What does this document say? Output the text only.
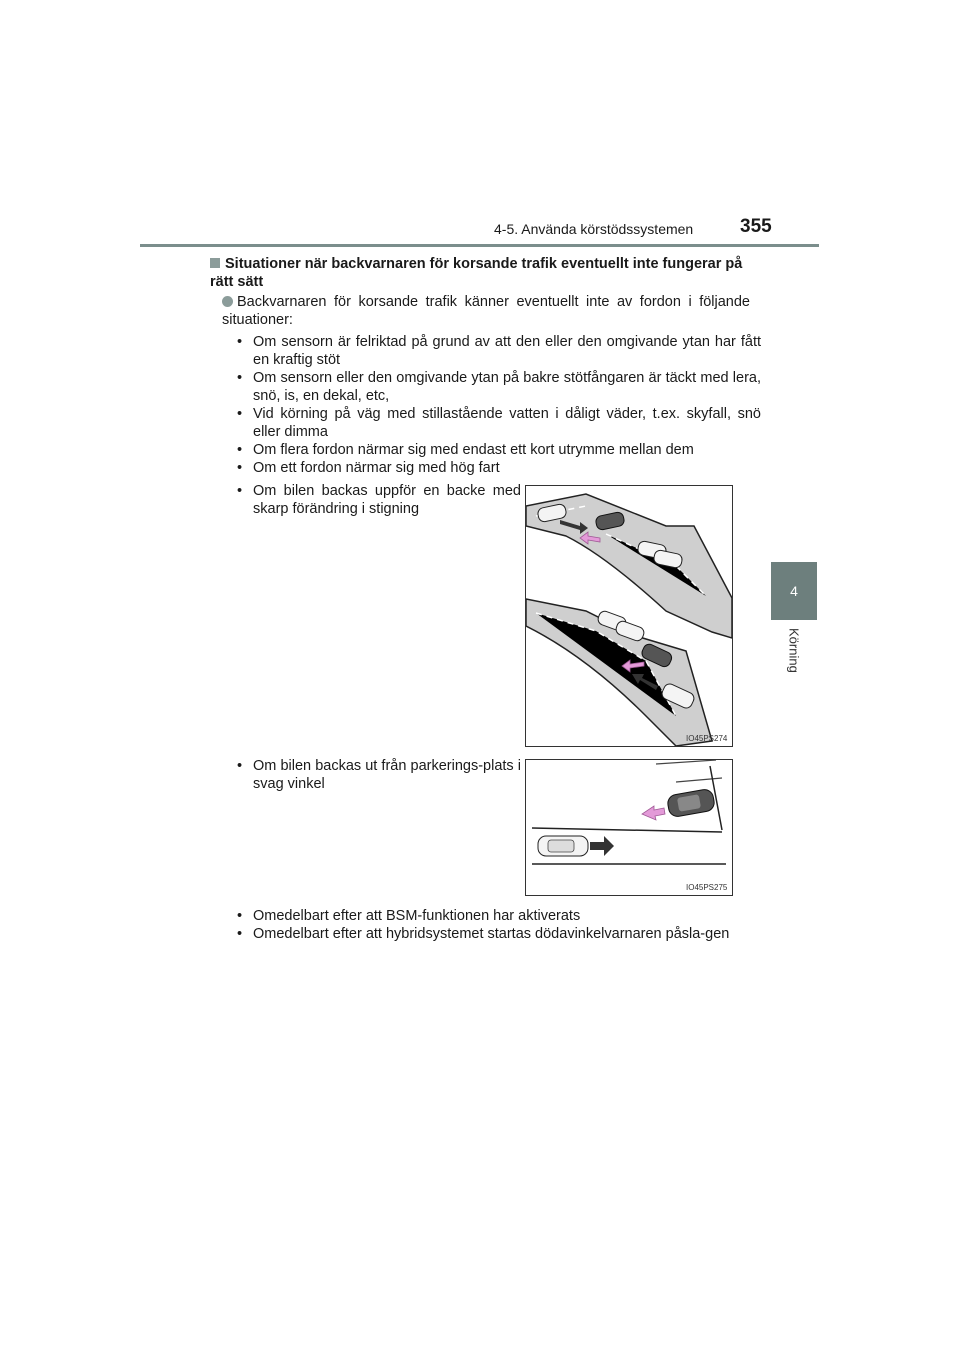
4-5. Använda körstödssystemen 355
4
Körning
Situationer när backvarnaren för korsande trafik eventuellt inte fungerar på rätt sätt
Backvarnaren för korsande trafik känner eventuellt inte av fordon i följande situationer:
• Om sensorn är felriktad på grund av att den eller den omgivande ytan har fått en kraftig stöt
• Om sensorn eller den omgivande ytan på bakre stötfångaren är täckt med lera, snö, is, en dekal, etc,
• Vid körning på väg med stillastående vatten i dåligt väder, t.ex. skyfall, snö eller dimma
• Om flera fordon närmar sig med endast ett kort utrymme mellan dem
• Om ett fordon närmar sig med hög fart
• Om bilen backas uppför en backe med skarp förändring i stigning
IO45PS274
• Om bilen backas ut från parkerings-plats i svag vinkel
IO45PS275
• Omedelbart efter att BSM-funktionen har aktiverats
• Omedelbart efter att hybridsystemet startas dödavinkelvarnaren påsla-gen
